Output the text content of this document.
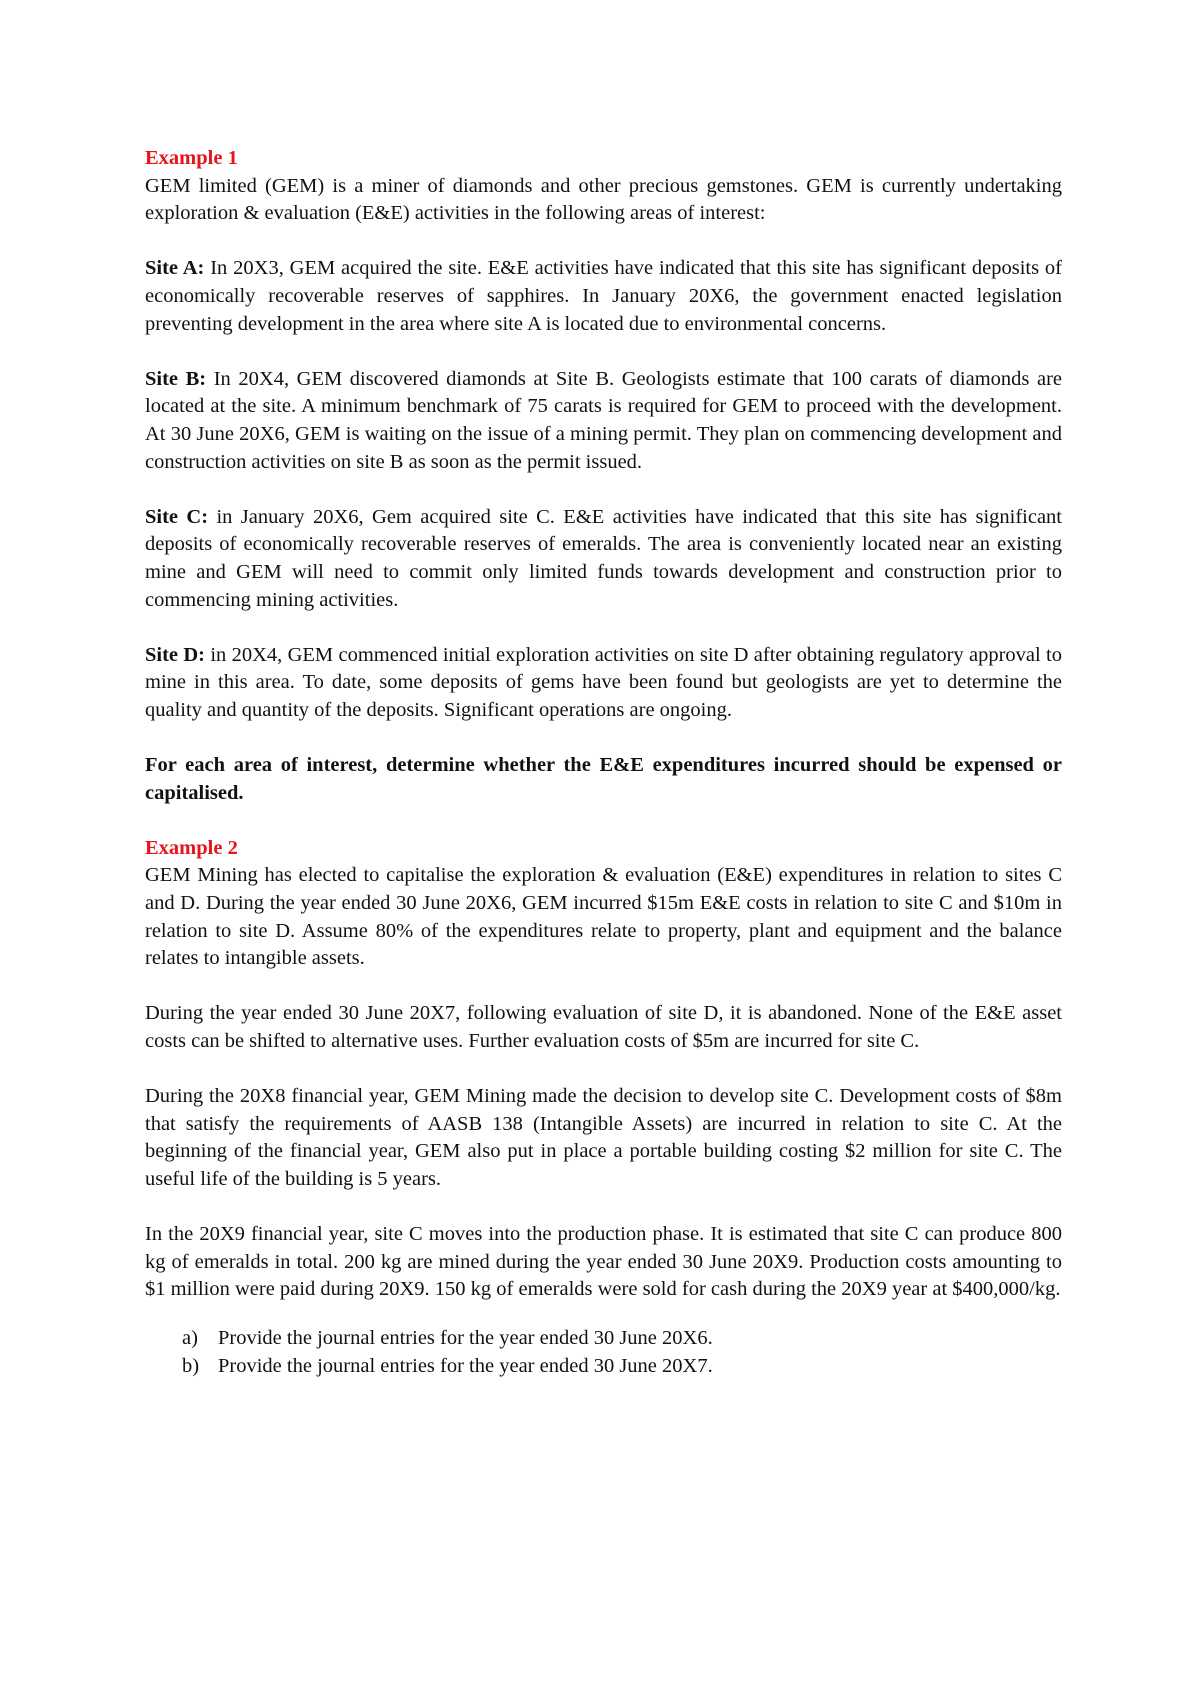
Example 1

GEM limited (GEM) is a miner of diamonds and other precious gemstones. GEM is currently undertaking exploration & evaluation (E&E) activities in the following areas of interest:

Site A: In 20X3, GEM acquired the site. E&E activities have indicated that this site has significant deposits of economically recoverable reserves of sapphires. In January 20X6, the government enacted legislation preventing development in the area where site A is located due to environmental concerns.

Site B: In 20X4, GEM discovered diamonds at Site B. Geologists estimate that 100 carats of diamonds are located at the site. A minimum benchmark of 75 carats is required for GEM to proceed with the development. At 30 June 20X6, GEM is waiting on the issue of a mining permit. They plan on commencing development and construction activities on site B as soon as the permit issued.

Site C: in January 20X6, Gem acquired site C. E&E activities have indicated that this site has significant deposits of economically recoverable reserves of emeralds. The area is conveniently located near an existing mine and GEM will need to commit only limited funds towards development and construction prior to commencing mining activities.

Site D: in 20X4, GEM commenced initial exploration activities on site D after obtaining regulatory approval to mine in this area. To date, some deposits of gems have been found but geologists are yet to determine the quality and quantity of the deposits. Significant operations are ongoing.

For each area of interest, determine whether the E&E expenditures incurred should be expensed or capitalised.

Example 2

GEM Mining has elected to capitalise the exploration & evaluation (E&E) expenditures in relation to sites C and D. During the year ended 30 June 20X6, GEM incurred $15m E&E costs in relation to site C and $10m in relation to site D. Assume 80% of the expenditures relate to property, plant and equipment and the balance relates to intangible assets.

During the year ended 30 June 20X7, following evaluation of site D, it is abandoned. None of the E&E asset costs can be shifted to alternative uses. Further evaluation costs of $5m are incurred for site C.

During the 20X8 financial year, GEM Mining made the decision to develop site C. Development costs of $8m that satisfy the requirements of AASB 138 (Intangible Assets) are incurred in relation to site C. At the beginning of the financial year, GEM also put in place a portable building costing $2 million for site C. The useful life of the building is 5 years.

In the 20X9 financial year, site C moves into the production phase. It is estimated that site C can produce 800 kg of emeralds in total. 200 kg are mined during the year ended 30 June 20X9. Production costs amounting to $1 million were paid during 20X9. 150 kg of emeralds were sold for cash during the 20X9 year at $400,000/kg.

a) Provide the journal entries for the year ended 30 June 20X6.
b) Provide the journal entries for the year ended 30 June 20X7.
